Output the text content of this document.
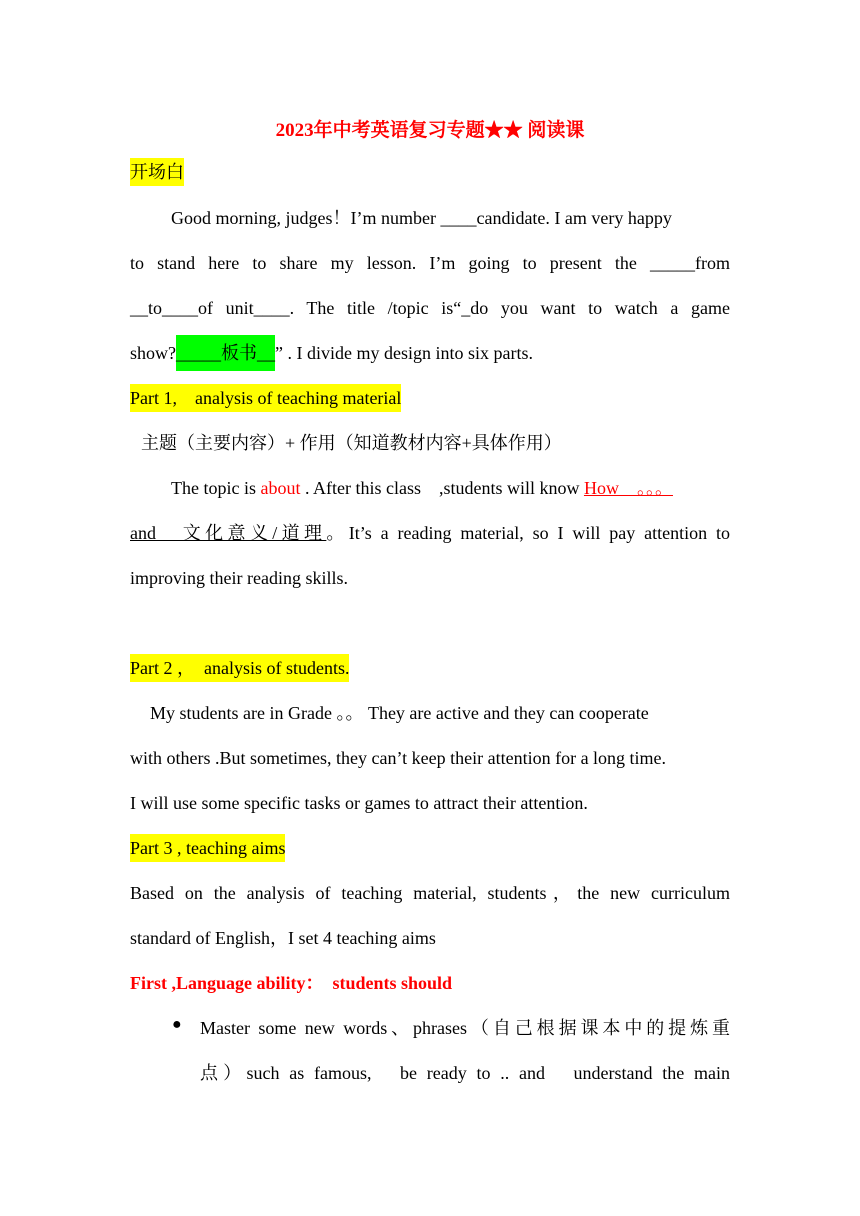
2023年中考英语复习专题★★ 阅读课
开场白
Good morning, judges！I’m number ____candidate. I am very happy
to stand here to share my lesson. I’m going to present the _____from
__to____of unit____. The title /topic is“_do you want to watch a game
show?_____板书__” . I divide my design into six parts.
Part 1,　analysis of teaching material
主题（主要内容）+ 作用（知道教材内容+具体作用）
The topic is about . After this class　,students will know How　。。。
and　文化意义/道理。It’s a reading material, so I will pay attention to
improving their reading skills.
Part 2 ，　analysis of students.
My students are in Grade 。。 They are active and they can cooperate
with others .But sometimes, they can’t keep their attention for a long time.
I will use some specific tasks or games to attract their attention.
Part 3 , teaching aims
Based on the analysis of teaching material, students，the new curriculum
standard of English，I set 4 teaching aims
First ,Language ability：　students should
● Master some new words、phrases（自己根据课本中的提炼重
点）such as famous,　be ready to .. and　understand the main
